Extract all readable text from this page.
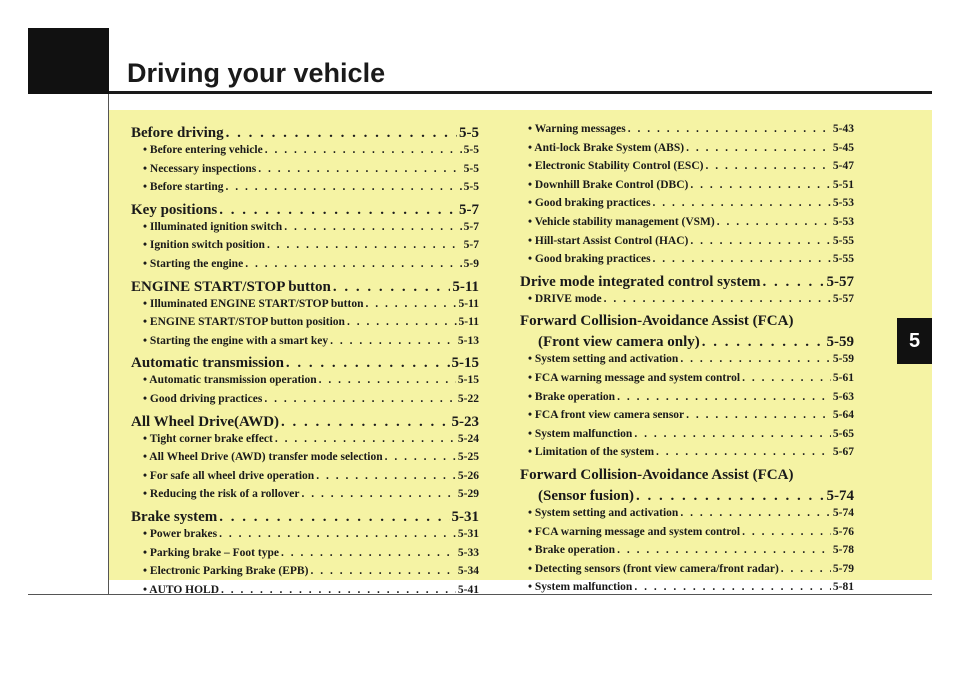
Driving your vehicle
5
Before driving . . .	5-5
• Before entering vehicle . . .	5-5
• Necessary inspections . . .	5-5
• Before starting . . .	5-5
Key positions . . .	5-7
• Illuminated ignition switch . . .	5-7
• Ignition switch position . . .	5-7
• Starting the engine . . .	5-9
ENGINE START/STOP button . . .	5-11
• Illuminated ENGINE START/STOP button . . .	5-11
• ENGINE START/STOP button position . . .	5-11
• Starting the engine with a smart key . . .	5-13
Automatic transmission . . .	5-15
• Automatic transmission operation . . .	5-15
• Good driving practices . . .	5-22
All Wheel Drive(AWD) . . .	5-23
• Tight corner brake effect . . .	5-24
• All Wheel Drive (AWD) transfer mode selection . . .	5-25
• For safe all wheel drive operation . . .	5-26
• Reducing the risk of a rollover . . .	5-29
Brake system . . .	5-31
• Power brakes . . .	5-31
• Parking brake – Foot type . . .	5-33
• Electronic Parking Brake (EPB) . . .	5-34
• AUTO HOLD . . .	5-41
• Warning messages . . .	5-43
• Anti-lock Brake System (ABS) . . .	5-45
• Electronic Stability Control (ESC) . . .	5-47
• Downhill Brake Control (DBC) . . .	5-51
• Good braking practices . . .	5-53
• Vehicle stability management (VSM) . . .	5-53
• Hill-start Assist Control (HAC) . . .	5-55
• Good braking practices . . .	5-55
Drive mode integrated control system . . .	5-57
• DRIVE mode . . .	5-57
Forward Collision-Avoidance Assist (FCA)
(Front view camera only) . . .	5-59
• System setting and activation . . .	5-59
• FCA warning message and system control . . .	5-61
• Brake operation . . .	5-63
• FCA front view camera sensor . . .	5-64
• System malfunction . . .	5-65
• Limitation of the system . . .	5-67
Forward Collision-Avoidance Assist (FCA)
(Sensor fusion) . . .	5-74
• System setting and activation . . .	5-74
• FCA warning message and system control . . .	5-76
• Brake operation . . .	5-78
• Detecting sensors (front view camera/front radar) . . .	5-79
• System malfunction . . .	5-81
